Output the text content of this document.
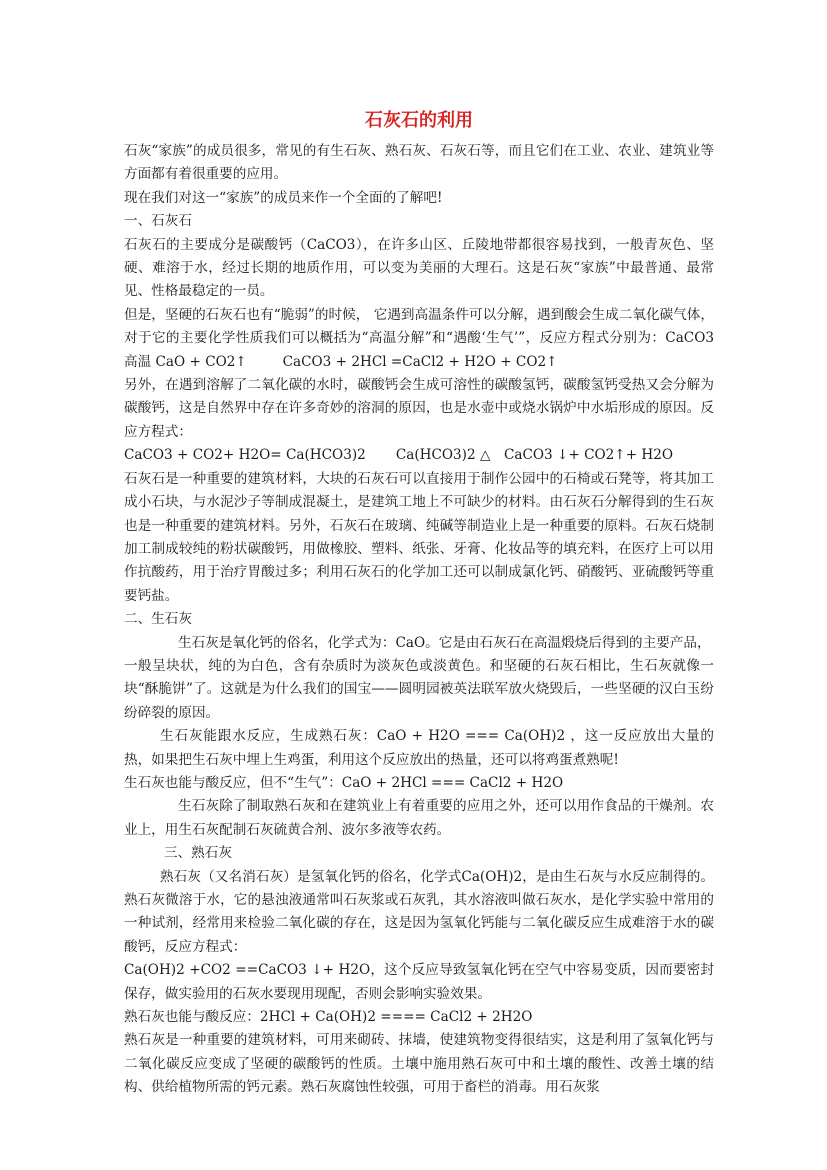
石灰石的利用

石灰“家族”的成员很多，常见的有生石灰、熟石灰、石灰石等，而且它们在工业、农业、建筑业等方面都有着很重要的应用。

现在我们对这一“家族”的成员来作一个全面的了解吧!

一、石灰石

石灰石的主要成分是碳酸钙（CaCO3），在许多山区、丘陵地带都很容易找到，一般青灰色、坚硬、难溶于水，经过长期的地质作用，可以变为美丽的大理石。这是石灰“家族”中最普通、最常见、性格最稳定的一员。

但是，坚硬的石灰石也有“脆弱”的时候， 它遇到高温条件可以分解，遇到酸会生成二氧化碳气体，对于它的主要化学性质我们可以概括为“高温分解”和“遇酸‘生气’”，反应方程式分别为：CaCO3 高温 CaO + CO2↑ 　　 CaCO3 + 2HCl =CaCl2 + H2O + CO2↑

另外，在遇到溶解了二氧化碳的水时，碳酸钙会生成可溶性的碳酸氢钙，碳酸氢钙受热又会分解为碳酸钙，这是自然界中存在许多奇妙的溶洞的原因，也是水壶中或烧水锅炉中水垢形成的原因。反应方程式：

CaCO3 + CO2+ H2O= Ca(HCO3)2 Ca(HCO3)2 △　CaCO3 ↓+ CO2↑+ H2O

石灰石是一种重要的建筑材料，大块的石灰石可以直接用于制作公园中的石椅或石凳等，将其加工成小石块，与水泥沙子等制成混凝土，是建筑工地上不可缺少的材料。由石灰石分解得到的生石灰也是一种重要的建筑材料。另外，石灰石在玻璃、纯碱等制造业上是一种重要的原料。石灰石烧制加工制成较纯的粉状碳酸钙，用做橡胶、塑料、纸张、牙膏、化妆品等的填充料，在医疗上可以用作抗酸药，用于治疗胃酸过多；利用石灰石的化学加工还可以制成氯化钙、硝酸钙、亚硫酸钙等重要钙盐。

二、生石灰

生石灰是氧化钙的俗名，化学式为：CaO。它是由石灰石在高温煅烧后得到的主要产品，

一般呈块状，纯的为白色，含有杂质时为淡灰色或淡黄色。和坚硬的石灰石相比，生石灰就像一块“酥脆饼”了。这就是为什么我们的国宝——圆明园被英法联军放火烧毁后，一些坚硬的汉白玉纷纷碎裂的原因。

生石灰能跟水反应，生成熟石灰：CaO + H2O === Ca(OH)2 ，这一反应放出大量的热，如果把生石灰中埋上生鸡蛋，利用这个反应放出的热量，还可以将鸡蛋煮熟呢!

生石灰也能与酸反应，但不“生气”：CaO + 2HCl === CaCl2 + H2O

生石灰除了制取熟石灰和在建筑业上有着重要的应用之外，还可以用作食品的干燥剂。农业上，用生石灰配制石灰硫黄合剂、波尔多液等农药。

三、熟石灰

熟石灰（又名消石灰）是氢氧化钙的俗名，化学式Ca(OH)2，是由生石灰与水反应制得的。熟石灰微溶于水，它的悬浊液通常叫石灰浆或石灰乳，其水溶液叫做石灰水，是化学实验中常用的一种试剂，经常用来检验二氧化碳的存在，这是因为氢氧化钙能与二氧化碳反应生成难溶于水的碳酸钙，反应方程式：

Ca(OH)2 +CO2 ==CaCO3 ↓+ H2O，这个反应导致氢氧化钙在空气中容易变质，因而要密封保存，做实验用的石灰水要现用现配，否则会影响实验效果。

熟石灰也能与酸反应：2HCl + Ca(OH)2 ==== CaCl2 + 2H2O

熟石灰是一种重要的建筑材料，可用来砌砖、抹墙，使建筑物变得很结实，这是利用了氢氧化钙与二氧化碳反应变成了坚硬的碳酸钙的性质。土壤中施用熟石灰可中和土壤的酸性、改善土壤的结构、供给植物所需的钙元素。熟石灰腐蚀性较强，可用于畜栏的消毒。用石灰浆
